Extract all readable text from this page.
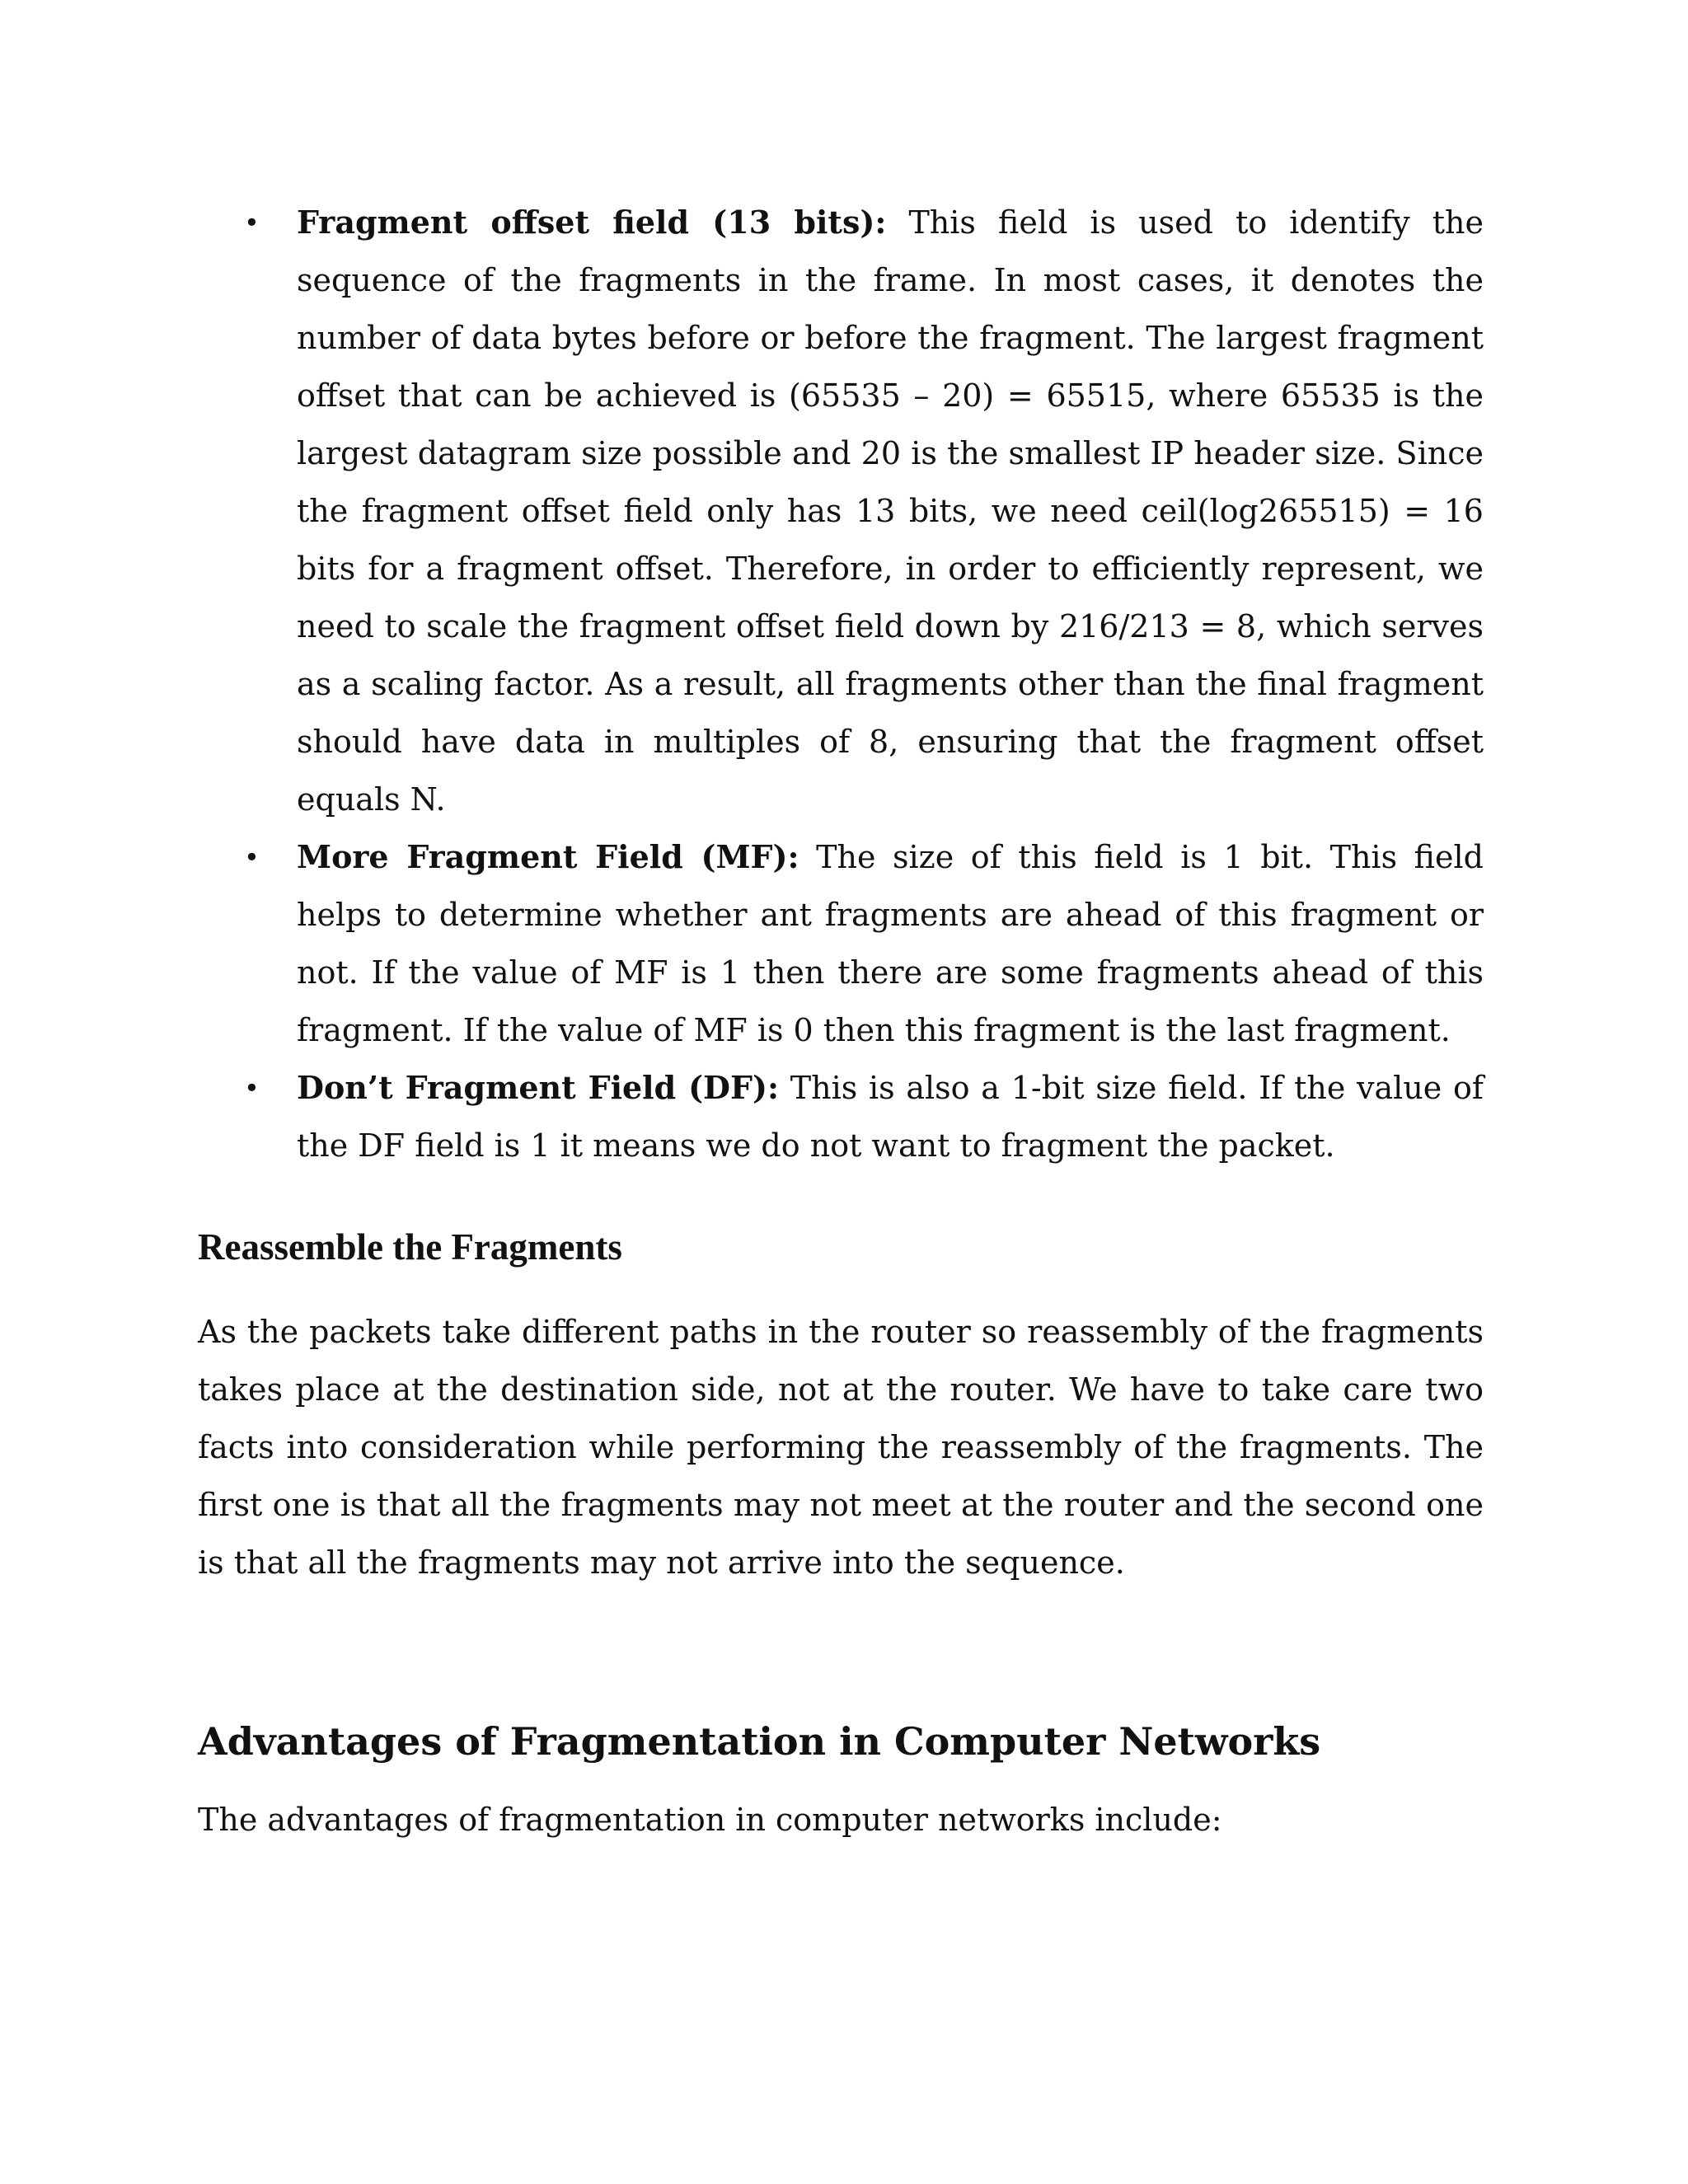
• Fragment offset field (13 bits): This field is used to identify the sequence of the fragments in the frame. In most cases, it denotes the number of data bytes before or before the fragment. The largest fragment offset that can be achieved is (65535 – 20) = 65515, where 65535 is the largest datagram size possible and 20 is the smallest IP header size. Since the fragment offset field only has 13 bits, we need ceil(log265515) = 16 bits for a fragment offset. Therefore, in order to efficiently represent, we need to scale the fragment offset field down by 216/213 = 8, which serves as a scaling factor. As a result, all fragments other than the final fragment should have data in multiples of 8, ensuring that the fragment offset equals N.
• More Fragment Field (MF): The size of this field is 1 bit. This field helps to determine whether ant fragments are ahead of this fragment or not. If the value of MF is 1 then there are some fragments ahead of this fragment. If the value of MF is 0 then this fragment is the last fragment.
• Don’t Fragment Field (DF): This is also a 1-bit size field. If the value of the DF field is 1 it means we do not want to fragment the packet.
Reassemble the Fragments

As the packets take different paths in the router so reassembly of the fragments takes place at the destination side, not at the router. We have to take care two facts into consideration while performing the reassembly of the fragments. The first one is that all the fragments may not meet at the router and the second one is that all the fragments may not arrive into the sequence.

Advantages of Fragmentation in Computer Networks

The advantages of fragmentation in computer networks include:
